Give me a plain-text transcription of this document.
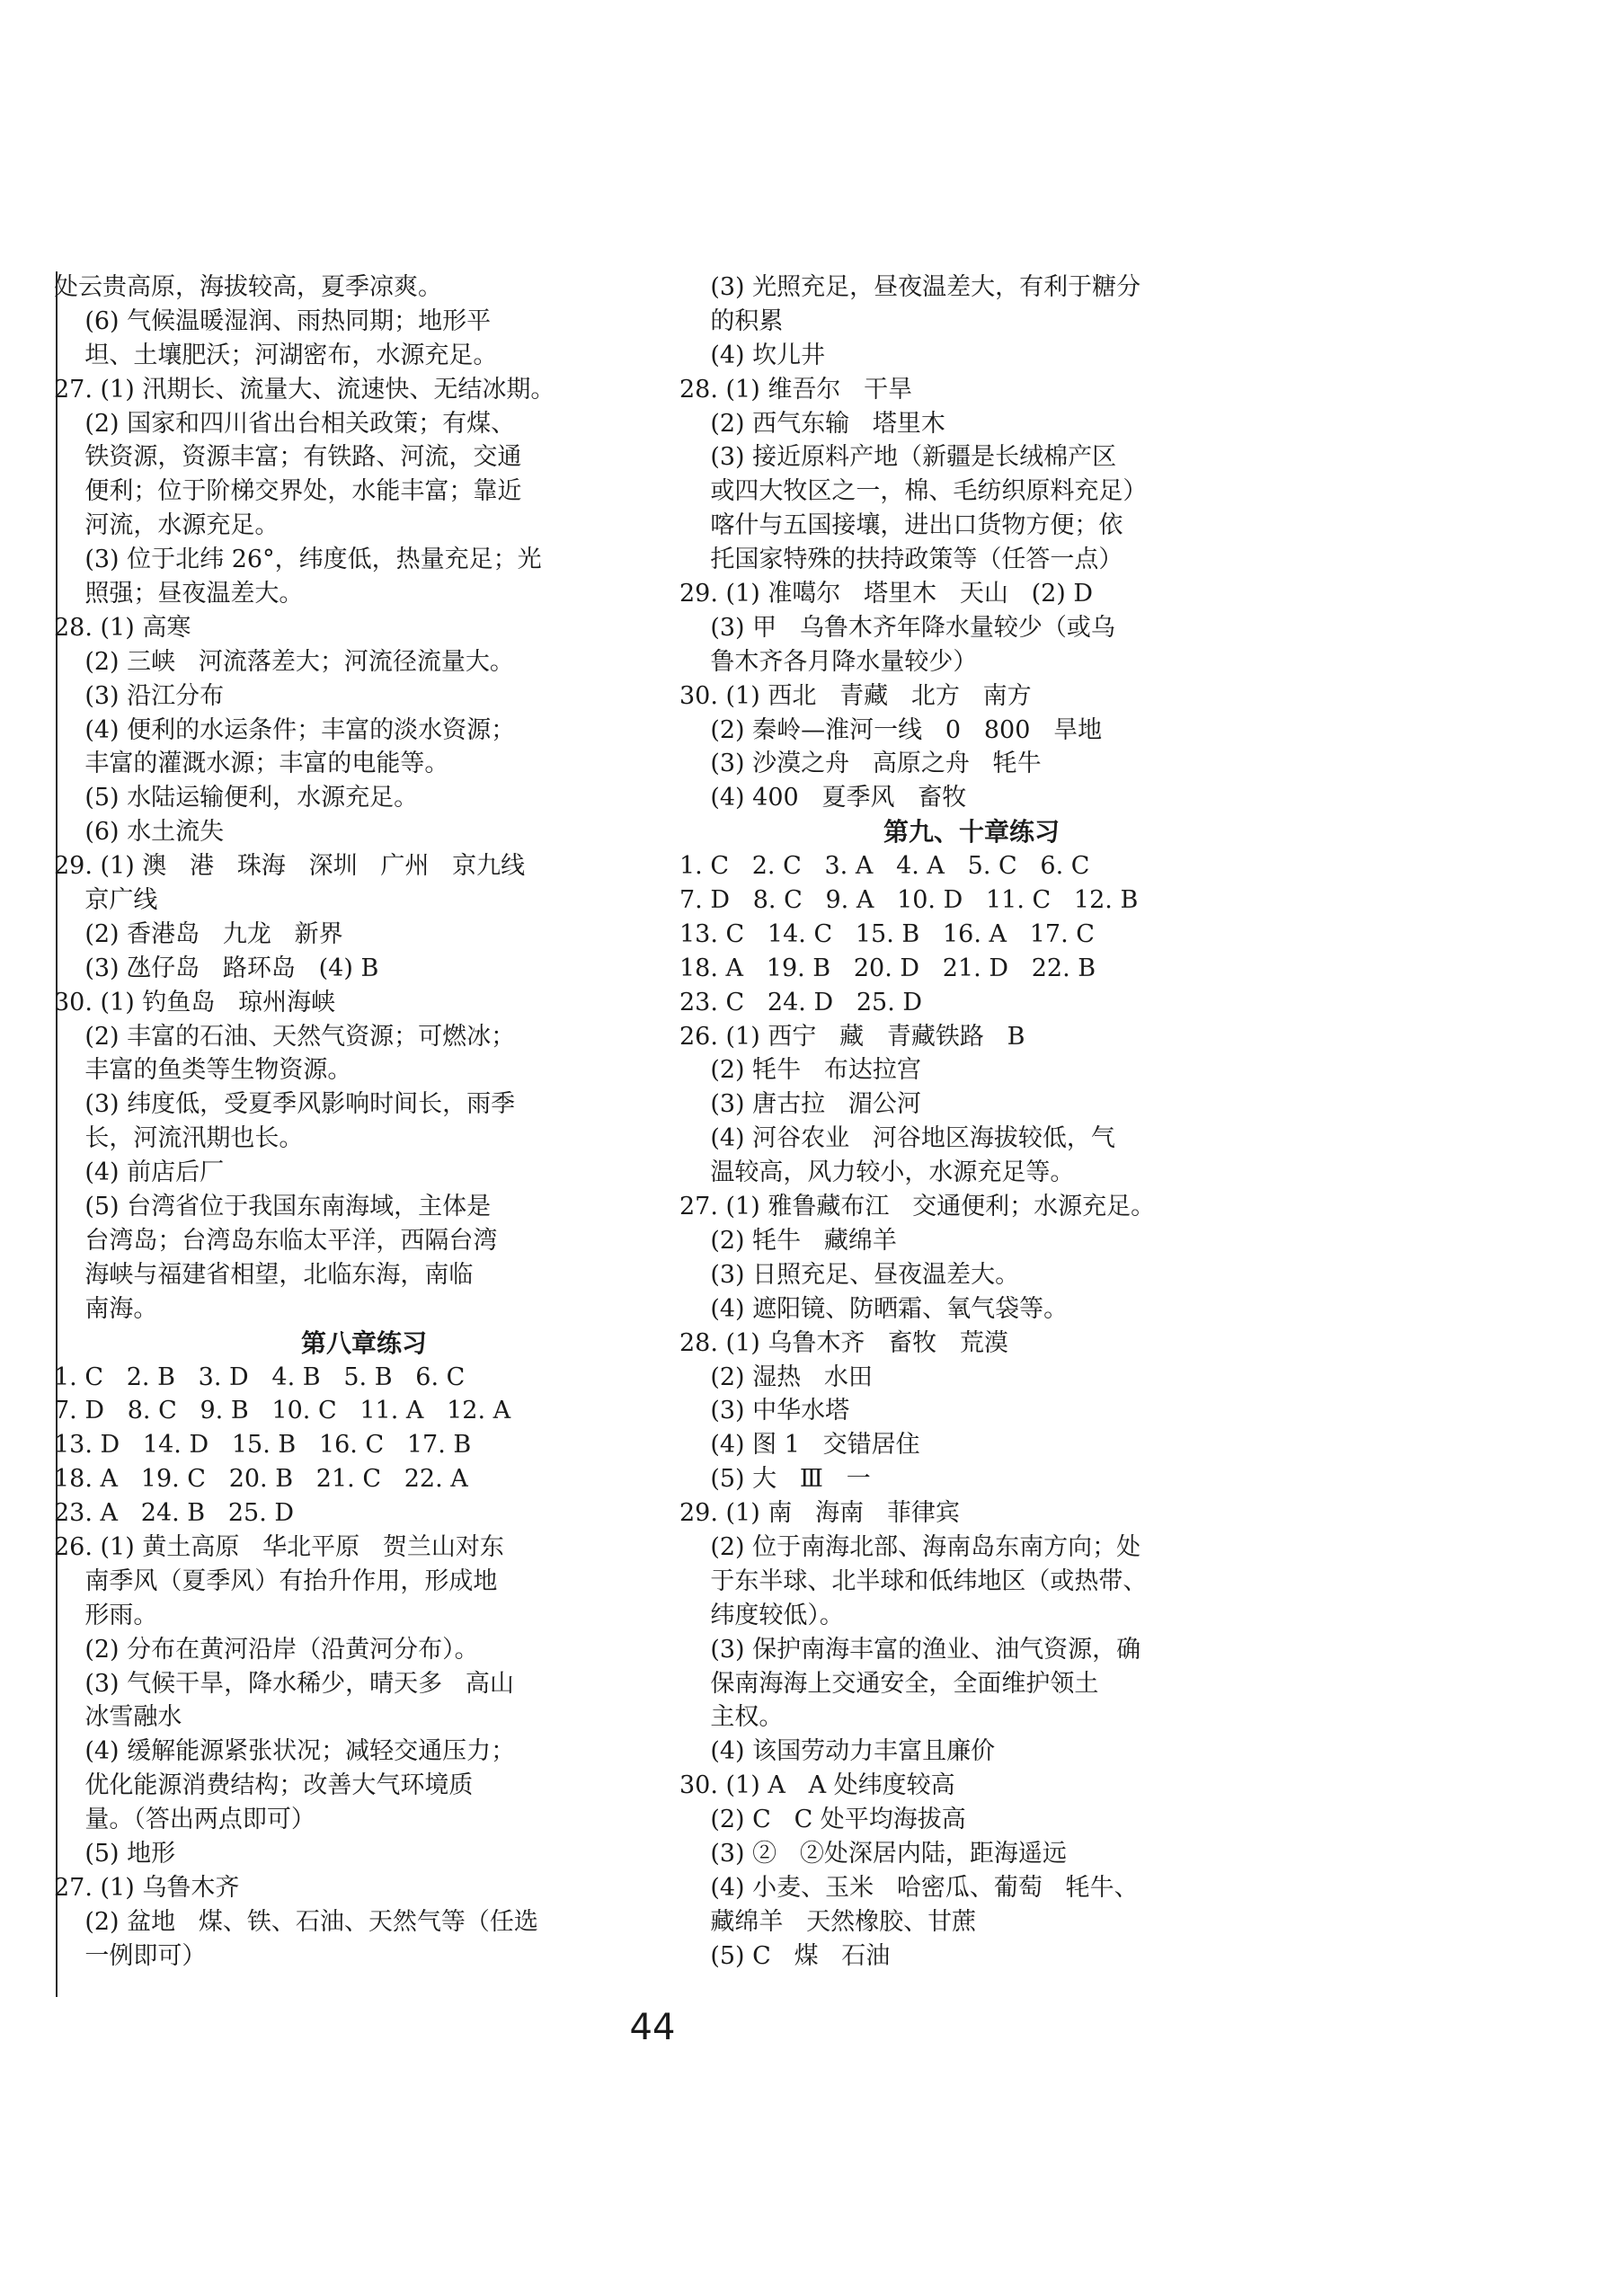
处云贵高原，海拔较高，夏季凉爽。
(6) 气候温暖湿润、雨热同期；地形平
坦、土壤肥沃；河湖密布，水源充足。
27. (1) 汛期长、流量大、流速快、无结冰期。
(2) 国家和四川省出台相关政策；有煤、
铁资源，资源丰富；有铁路、河流，交通
便利；位于阶梯交界处，水能丰富；靠近
河流，水源充足。
(3) 位于北纬 26°，纬度低，热量充足；光
照强；昼夜温差大。
28. (1) 高寒
(2) 三峡   河流落差大；河流径流量大。
(3) 沿江分布
(4) 便利的水运条件；丰富的淡水资源；
丰富的灌溉水源；丰富的电能等。
(5) 水陆运输便利，水源充足。
(6) 水土流失
29. (1) 澳   港   珠海   深圳   广州   京九线
京广线
(2) 香港岛   九龙   新界
(3) 氹仔岛   路环岛   (4) B
30. (1) 钓鱼岛   琼州海峡
(2) 丰富的石油、天然气资源；可燃冰；
丰富的鱼类等生物资源。
(3) 纬度低，受夏季风影响时间长，雨季
长，河流汛期也长。
(4) 前店后厂
(5) 台湾省位于我国东南海域，主体是
台湾岛；台湾岛东临太平洋，西隔台湾
海峡与福建省相望，北临东海，南临
南海。
第八章练习
1. C   2. B   3. D   4. B   5. B   6. C
7. D   8. C   9. B   10. C   11. A   12. A
13. D   14. D   15. B   16. C   17. B
18. A   19. C   20. B   21. C   22. A
23. A   24. B   25. D
26. (1) 黄土高原   华北平原   贺兰山对东
南季风（夏季风）有抬升作用，形成地
形雨。
(2) 分布在黄河沿岸（沿黄河分布）。
(3) 气候干旱，降水稀少，晴天多   高山
冰雪融水
(4) 缓解能源紧张状况；减轻交通压力；
优化能源消费结构；改善大气环境质
量。（答出两点即可）
(5) 地形
27. (1) 乌鲁木齐
(2) 盆地   煤、铁、石油、天然气等（任选
一例即可）
(3) 光照充足，昼夜温差大，有利于糖分
的积累
(4) 坎儿井
28. (1) 维吾尔   干旱
(2) 西气东输   塔里木
(3) 接近原料产地（新疆是长绒棉产区
或四大牧区之一，棉、毛纺织原料充足）
喀什与五国接壤，进出口货物方便；依
托国家特殊的扶持政策等（任答一点）
29. (1) 准噶尔   塔里木   天山   (2) D
(3) 甲   乌鲁木齐年降水量较少（或乌
鲁木齐各月降水量较少）
30. (1) 西北   青藏   北方   南方
(2) 秦岭—淮河一线   0   800   旱地
(3) 沙漠之舟   高原之舟   牦牛
(4) 400   夏季风   畜牧
第九、十章练习
1. C   2. C   3. A   4. A   5. C   6. C
7. D   8. C   9. A   10. D   11. C   12. B
13. C   14. C   15. B   16. A   17. C
18. A   19. B   20. D   21. D   22. B
23. C   24. D   25. D
26. (1) 西宁   藏   青藏铁路   B
(2) 牦牛   布达拉宫
(3) 唐古拉   湄公河
(4) 河谷农业   河谷地区海拔较低，气
温较高，风力较小，水源充足等。
27. (1) 雅鲁藏布江   交通便利；水源充足。
(2) 牦牛   藏绵羊
(3) 日照充足、昼夜温差大。
(4) 遮阳镜、防晒霜、氧气袋等。
28. (1) 乌鲁木齐   畜牧   荒漠
(2) 湿热   水田
(3) 中华水塔
(4) 图 1   交错居住
(5) 大   Ⅲ   一
29. (1) 南   海南   菲律宾
(2) 位于南海北部、海南岛东南方向；处
于东半球、北半球和低纬地区（或热带、
纬度较低）。
(3) 保护南海丰富的渔业、油气资源，确
保南海海上交通安全，全面维护领土
主权。
(4) 该国劳动力丰富且廉价
30. (1) A   A 处纬度较高
(2) C   C 处平均海拔高
(3) ②   ②处深居内陆，距海遥远
(4) 小麦、玉米   哈密瓜、葡萄   牦牛、
藏绵羊   天然橡胶、甘蔗
(5) C   煤   石油
44
